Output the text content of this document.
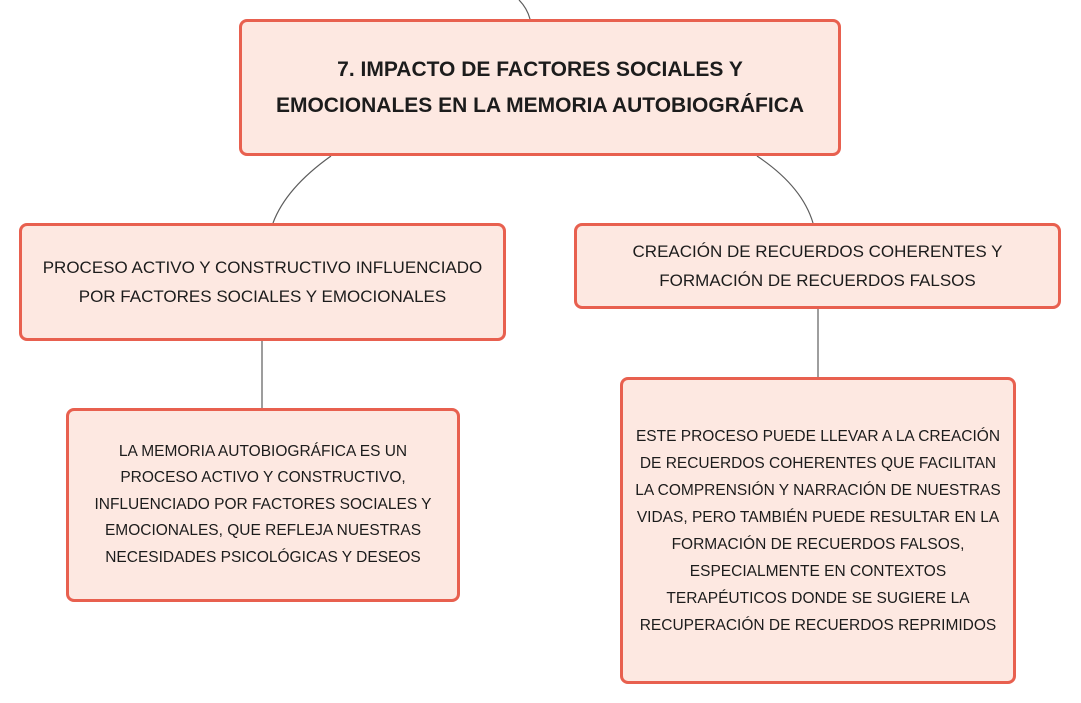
7. IMPACTO DE FACTORES SOCIALES Y EMOCIONALES EN LA MEMORIA AUTOBIOGRÁFICA
PROCESO ACTIVO Y CONSTRUCTIVO INFLUENCIADO POR FACTORES SOCIALES Y EMOCIONALES
CREACIÓN DE RECUERDOS COHERENTES Y FORMACIÓN DE RECUERDOS FALSOS
LA MEMORIA AUTOBIOGRÁFICA ES UN PROCESO ACTIVO Y CONSTRUCTIVO, INFLUENCIADO POR FACTORES SOCIALES Y EMOCIONALES, QUE REFLEJA NUESTRAS NECESIDADES PSICOLÓGICAS Y DESEOS
ESTE PROCESO PUEDE LLEVAR A LA CREACIÓN DE RECUERDOS COHERENTES QUE FACILITAN LA COMPRENSIÓN Y NARRACIÓN DE NUESTRAS VIDAS, PERO TAMBIÉN PUEDE RESULTAR EN LA FORMACIÓN DE RECUERDOS FALSOS, ESPECIALMENTE EN CONTEXTOS TERAPÉUTICOS DONDE SE SUGIERE LA RECUPERACIÓN DE RECUERDOS REPRIMIDOS
